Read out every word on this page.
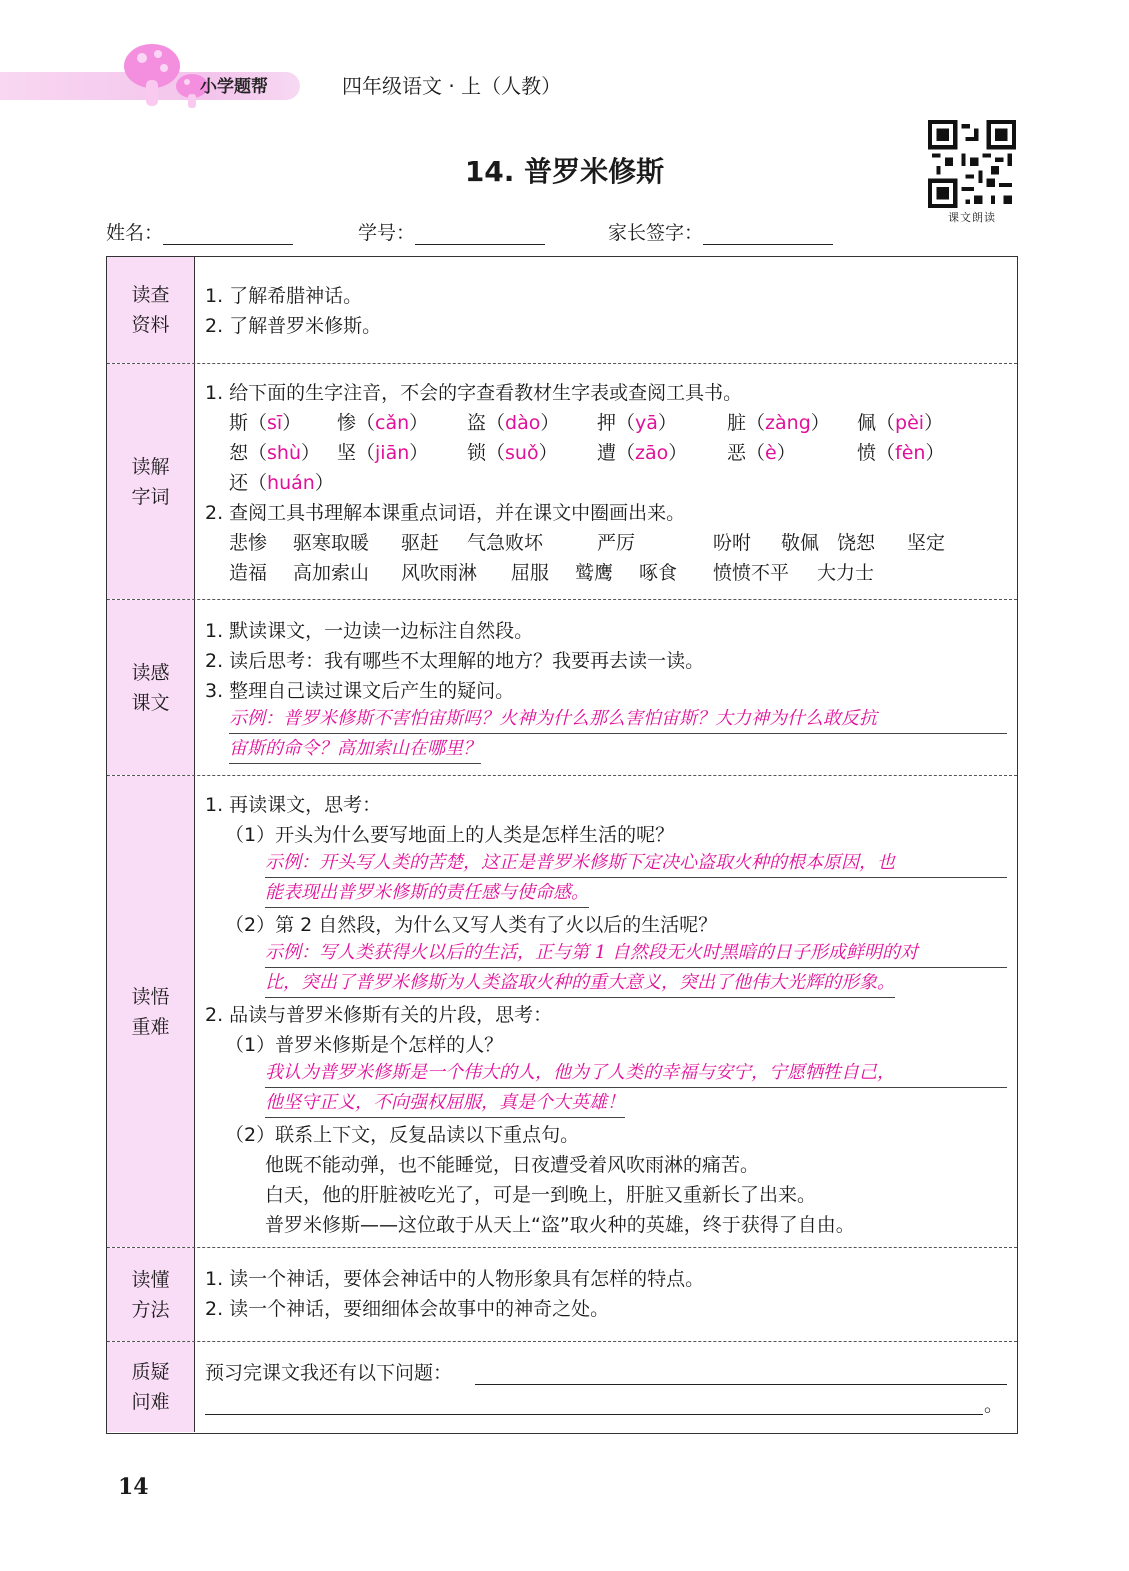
小学题帮	四年级语文 · 上（人教）
14. 普罗米修斯
课文朗读
姓名：	学号：	家长签字：
读查
资料
1. 了解希腊神话。
2. 了解普罗米修斯。
读解
字词
1. 给下面的生字注音，不会的字查看教材生字表或查阅工具书。
2. 查阅工具书理解本课重点词语，并在课文中圈画出来。
斯（sī） 惨（cǎn） 盗（dào） 押（yā）	脏（zàng） 佩（pèi）
恕（shù） 坚（jiān） 锁（suǒ） 遭（zāo） 恶（è）	愤（fèn）
还（huán）
悲惨 驱寒取暖 驱赶 气急败坏	严厉	吩咐 敬佩 饶恕 坚定
造福 高加索山 风吹雨淋 屈服 鹫鹰 啄食 愤愤不平 大力士
读感
课文
1. 默读课文，一边读一边标注自然段。
2. 读后思考：我有哪些不太理解的地方？我要再去读一读。
3. 整理自己读过课文后产生的疑问。
示例：普罗米修斯不害怕宙斯吗？火神为什么那么害怕宙斯？大力神为什么敢反抗
宙斯的命令？高加索山在哪里？
读悟
重难
1. 再读课文，思考：
（1）开头为什么要写地面上的人类是怎样生活的呢？
示例：开头写人类的苦楚，这正是普罗米修斯下定决心盗取火种的根本原因，也
能表现出普罗米修斯的责任感与使命感。
（2）第 2 自然段，为什么又写人类有了火以后的生活呢？
示例：写人类获得火以后的生活，正与第 1 自然段无火时黑暗的日子形成鲜明的对
比，突出了普罗米修斯为人类盗取火种的重大意义，突出了他伟大光辉的形象。
2. 品读与普罗米修斯有关的片段，思考：
（1）普罗米修斯是个怎样的人？
我认为普罗米修斯是一个伟大的人，他为了人类的幸福与安宁，宁愿牺牲自己，
他坚守正义，不向强权屈服，真是个大英雄！
（2）联系上下文，反复品读以下重点句。
他既不能动弹，也不能睡觉，日夜遭受着风吹雨淋的痛苦。
白天，他的肝脏被吃光了，可是一到晚上，肝脏又重新长了出来。
普罗米修斯——这位敢于从天上“盗”取火种的英雄，终于获得了自由。
读懂
方法
1. 读一个神话，要体会神话中的人物形象具有怎样的特点。
2. 读一个神话，要细细体会故事中的神奇之处。
质疑
问难
预习完课文我还有以下问题：
。
14
